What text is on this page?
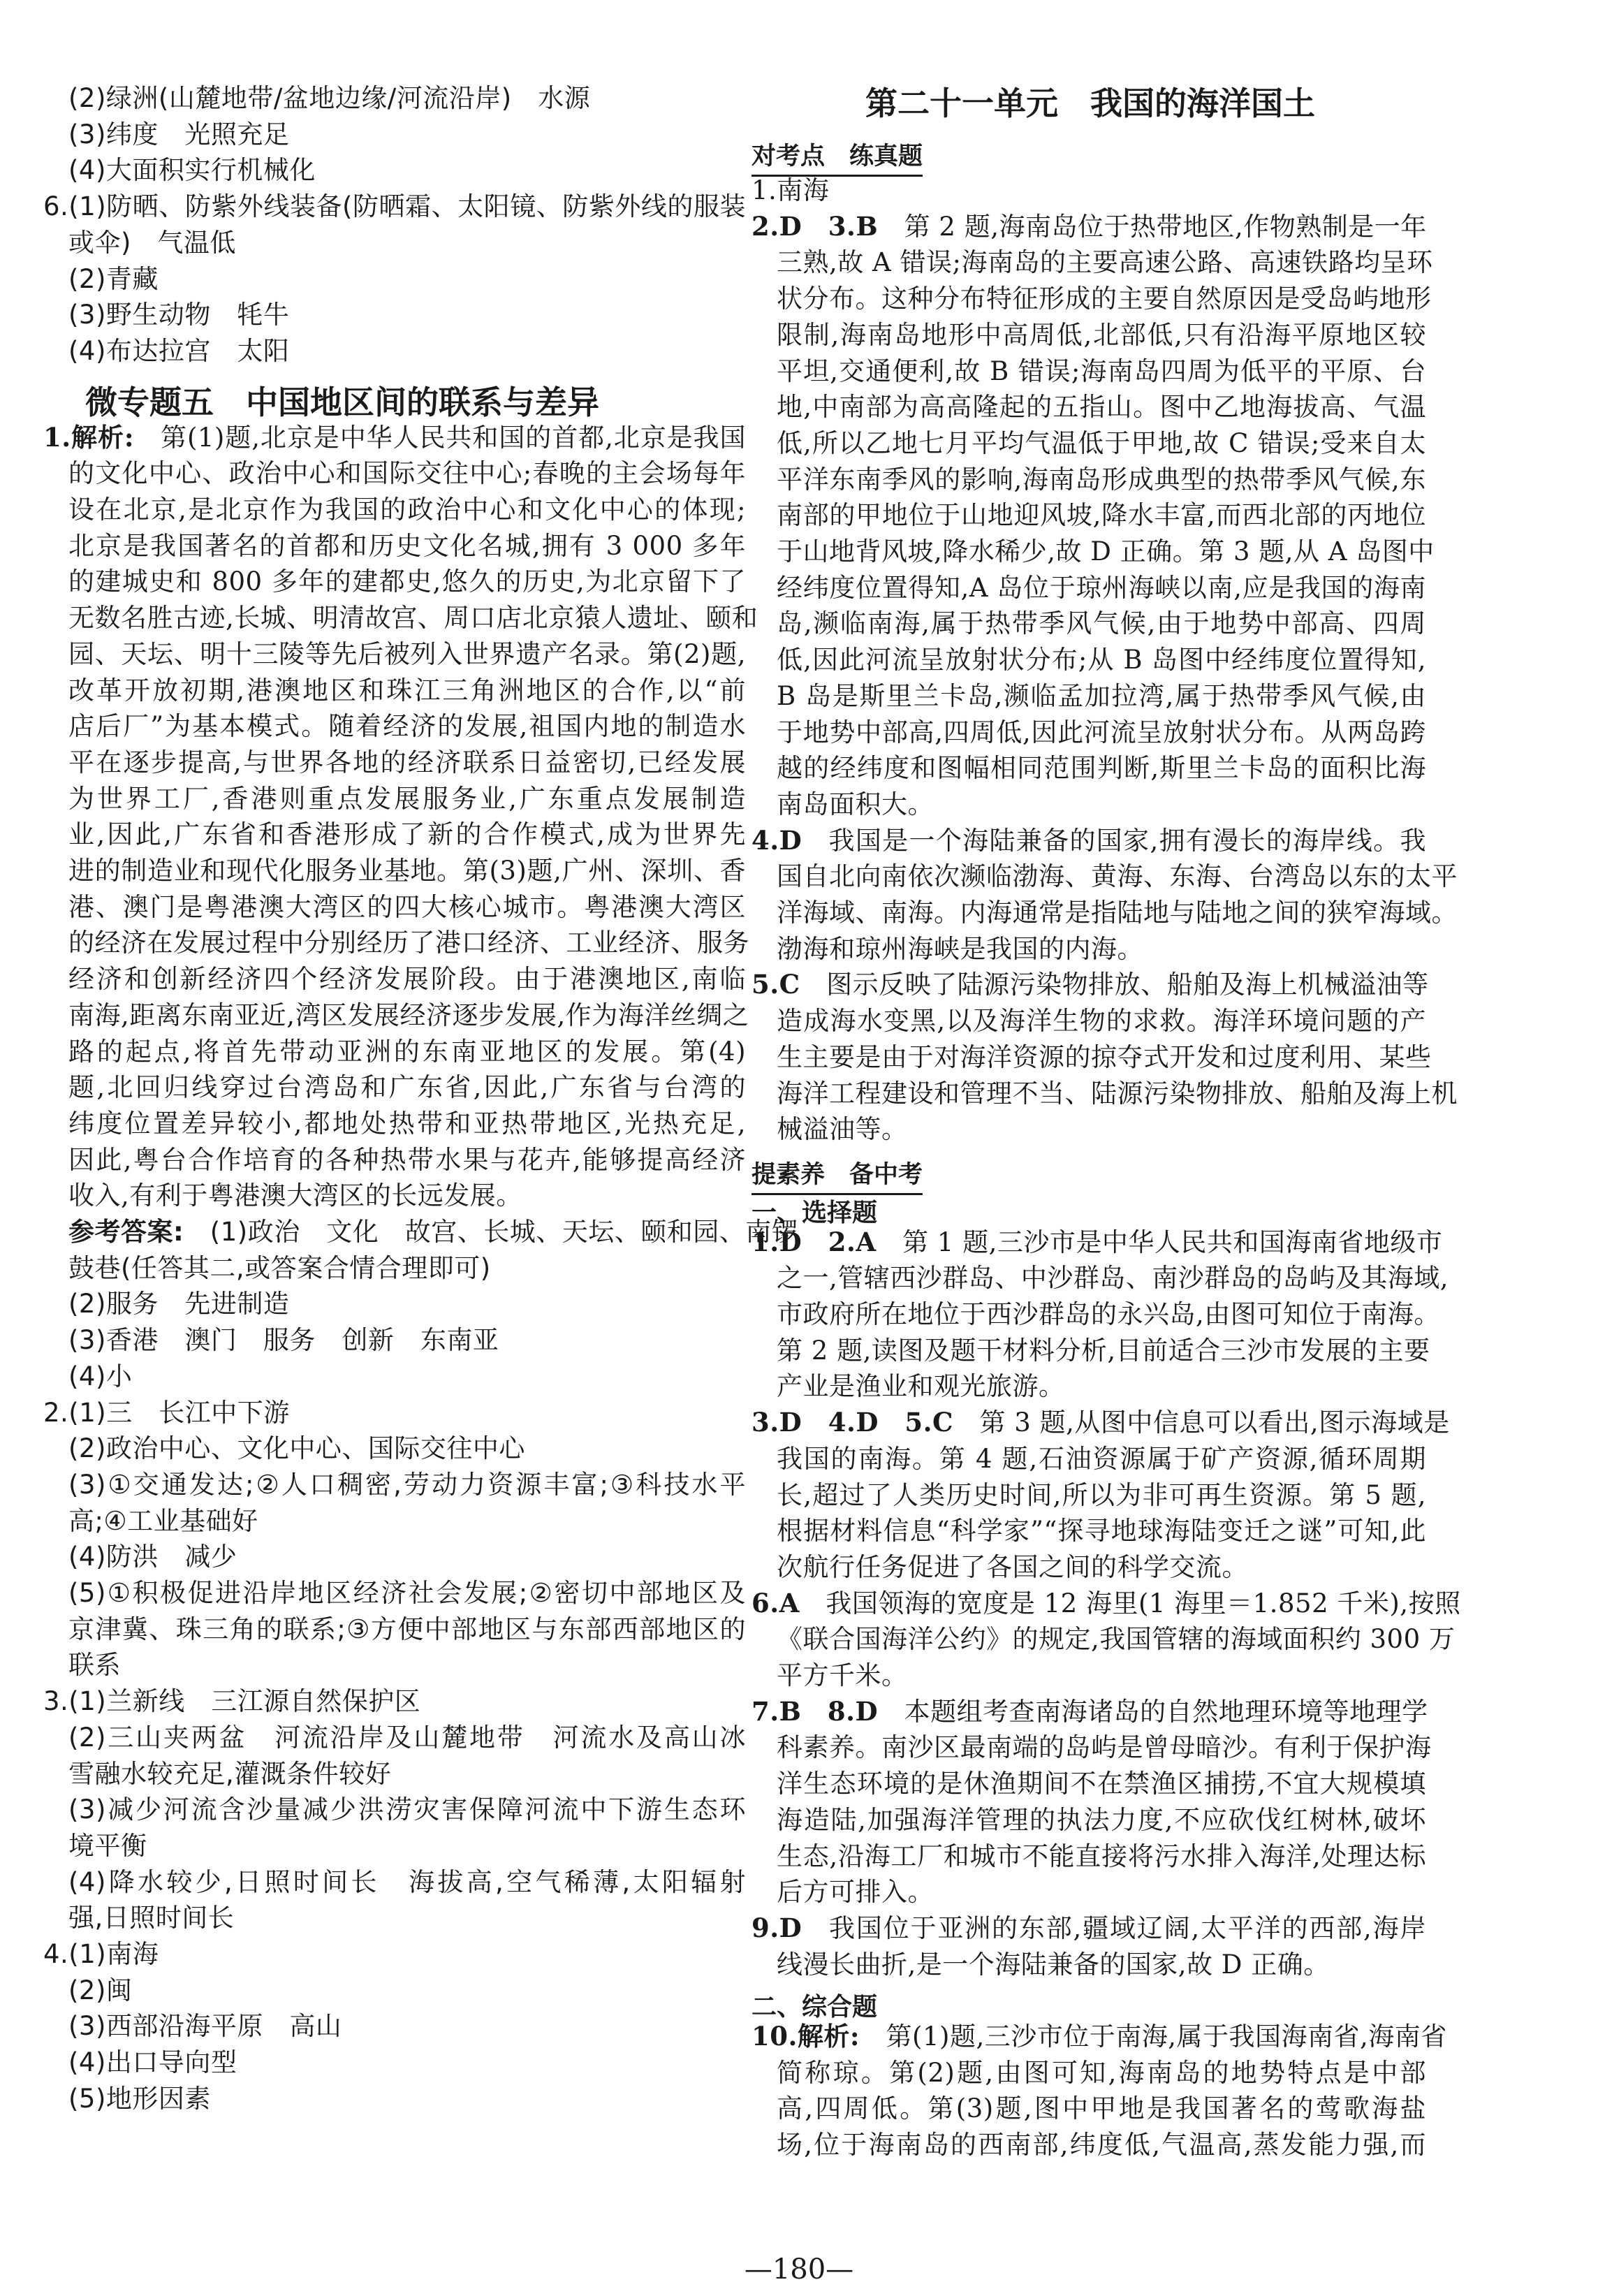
(2)绿洲(山麓地带/盆地边缘/河流沿岸)　水源
(3)纬度　光照充足
(4)大面积实行机械化
6.(1)防晒、防紫外线装备(防晒霜、太阳镜、防紫外线的服装
或伞)　气温低
(2)青藏
(3)野生动物　牦牛
(4)布达拉宫　太阳
微专题五　中国地区间的联系与差异
1.解析:  第(1)题,北京是中华人民共和国的首都,北京是我国
的文化中心、政治中心和国际交往中心;春晚的主会场每年
设在北京,是北京作为我国的政治中心和文化中心的体现;
北京是我国著名的首都和历史文化名城,拥有 3 000 多年
的建城史和 800 多年的建都史,悠久的历史,为北京留下了
无数名胜古迹,长城、明清故宫、周口店北京猿人遗址、颐和
园、天坛、明十三陵等先后被列入世界遗产名录。第(2)题,
改革开放初期,港澳地区和珠江三角洲地区的合作,以“前
店后厂”为基本模式。随着经济的发展,祖国内地的制造水
平在逐步提高,与世界各地的经济联系日益密切,已经发展
为世界工厂,香港则重点发展服务业,广东重点发展制造
业,因此,广东省和香港形成了新的合作模式,成为世界先
进的制造业和现代化服务业基地。第(3)题,广州、深圳、香
港、澳门是粤港澳大湾区的四大核心城市。粤港澳大湾区
的经济在发展过程中分别经历了港口经济、工业经济、服务
经济和创新经济四个经济发展阶段。由于港澳地区,南临
南海,距离东南亚近,湾区发展经济逐步发展,作为海洋丝绸之
路的起点,将首先带动亚洲的东南亚地区的发展。第(4)
题,北回归线穿过台湾岛和广东省,因此,广东省与台湾的
纬度位置差异较小,都地处热带和亚热带地区,光热充足,
因此,粤台合作培育的各种热带水果与花卉,能够提高经济
收入,有利于粤港澳大湾区的长远发展。
参考答案:  (1)政治　文化　故宫、长城、天坛、颐和园、南锣
鼓巷(任答其二,或答案合情合理即可)
(2)服务　先进制造
(3)香港　澳门　服务　创新　东南亚
(4)小
2.(1)三　长江中下游
(2)政治中心、文化中心、国际交往中心
(3)①交通发达;②人口稠密,劳动力资源丰富;③科技水平
高;④工业基础好
(4)防洪　减少
(5)①积极促进沿岸地区经济社会发展;②密切中部地区及
京津冀、珠三角的联系;③方便中部地区与东部西部地区的
联系
3.(1)兰新线　三江源自然保护区
(2)三山夹两盆　河流沿岸及山麓地带　河流水及高山冰
雪融水较充足,灌溉条件较好
(3)减少河流含沙量减少洪涝灾害保障河流中下游生态环
境平衡
(4)降水较少,日照时间长　海拔高,空气稀薄,太阳辐射
强,日照时间长
4.(1)南海
(2)闽
(3)西部沿海平原　高山
(4)出口导向型
(5)地形因素
第二十一单元　我国的海洋国土
对考点　练真题
1.南海
2.D　3.B  第 2 题,海南岛位于热带地区,作物熟制是一年
三熟,故 A 错误;海南岛的主要高速公路、高速铁路均呈环
状分布。这种分布特征形成的主要自然原因是受岛屿地形
限制,海南岛地形中高周低,北部低,只有沿海平原地区较
平坦,交通便利,故 B 错误;海南岛四周为低平的平原、台
地,中南部为高高隆起的五指山。图中乙地海拔高、气温
低,所以乙地七月平均气温低于甲地,故 C 错误;受来自太
平洋东南季风的影响,海南岛形成典型的热带季风气候,东
南部的甲地位于山地迎风坡,降水丰富,而西北部的丙地位
于山地背风坡,降水稀少,故 D 正确。第 3 题,从 A 岛图中
经纬度位置得知,A 岛位于琼州海峡以南,应是我国的海南
岛,濒临南海,属于热带季风气候,由于地势中部高、四周
低,因此河流呈放射状分布;从 B 岛图中经纬度位置得知,
B 岛是斯里兰卡岛,濒临孟加拉湾,属于热带季风气候,由
于地势中部高,四周低,因此河流呈放射状分布。从两岛跨
越的经纬度和图幅相同范围判断,斯里兰卡岛的面积比海
南岛面积大。
4.D  我国是一个海陆兼备的国家,拥有漫长的海岸线。我
国自北向南依次濒临渤海、黄海、东海、台湾岛以东的太平
洋海域、南海。内海通常是指陆地与陆地之间的狭窄海域。
渤海和琼州海峡是我国的内海。
5.C  图示反映了陆源污染物排放、船舶及海上机械溢油等
造成海水变黑,以及海洋生物的求救。海洋环境问题的产
生主要是由于对海洋资源的掠夺式开发和过度利用、某些
海洋工程建设和管理不当、陆源污染物排放、船舶及海上机
械溢油等。
提素养　备中考
一、选择题
1.D　2.A  第 1 题,三沙市是中华人民共和国海南省地级市
之一,管辖西沙群岛、中沙群岛、南沙群岛的岛屿及其海域,
市政府所在地位于西沙群岛的永兴岛,由图可知位于南海。
第 2 题,读图及题干材料分析,目前适合三沙市发展的主要
产业是渔业和观光旅游。
3.D　4.D　5.C  第 3 题,从图中信息可以看出,图示海域是
我国的南海。第 4 题,石油资源属于矿产资源,循环周期
长,超过了人类历史时间,所以为非可再生资源。第 5 题,
根据材料信息“科学家”“探寻地球海陆变迁之谜”可知,此
次航行任务促进了各国之间的科学交流。
6.A  我国领海的宽度是 12 海里(1 海里＝1.852 千米),按照
《联合国海洋公约》的规定,我国管辖的海域面积约 300 万
平方千米。
7.B　8.D  本题组考查南海诸岛的自然地理环境等地理学
科素养。南沙区最南端的岛屿是曾母暗沙。有利于保护海
洋生态环境的是休渔期间不在禁渔区捕捞,不宜大规模填
海造陆,加强海洋管理的执法力度,不应砍伐红树林,破坏
生态,沿海工厂和城市不能直接将污水排入海洋,处理达标
后方可排入。
9.D  我国位于亚洲的东部,疆域辽阔,太平洋的西部,海岸
线漫长曲折,是一个海陆兼备的国家,故 D 正确。
二、综合题
10.解析:  第(1)题,三沙市位于南海,属于我国海南省,海南省
简称琼。第(2)题,由图可知,海南岛的地势特点是中部
高,四周低。第(3)题,图中甲地是我国著名的莺歌海盐
场,位于海南岛的西南部,纬度低,气温高,蒸发能力强,而
—180—
